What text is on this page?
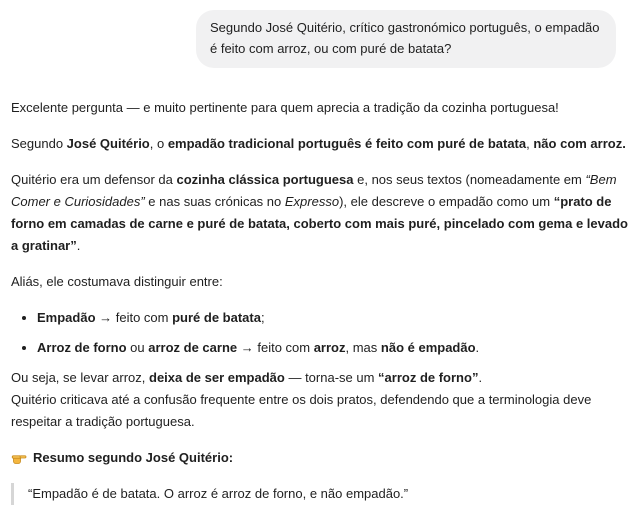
Segundo José Quitério, crítico gastronómico português, o empadão é feito com arroz, ou com puré de batata?

Excelente pergunta — e muito pertinente para quem aprecia a tradição da cozinha portuguesa!

Segundo José Quitério, o empadão tradicional português é feito com puré de batata, não com arroz.

Quitério era um defensor da cozinha clássica portuguesa e, nos seus textos (nomeadamente em “Bem Comer e Curiosidades” e nas suas crónicas no Expresso), ele descreve o empadão como um “prato de forno em camadas de carne e puré de batata, coberto com mais puré, pincelado com gema e levado a gratinar”.

Aliás, ele costumava distinguir entre:

• Empadão → feito com puré de batata;
• Arroz de forno ou arroz de carne → feito com arroz, mas não é empadão.

Ou seja, se levar arroz, deixa de ser empadão — torna-se um “arroz de forno”.

Quitério criticava até a confusão frequente entre os dois pratos, defendendo que a terminologia deve respeitar a tradição portuguesa.

Resumo segundo José Quitério:
“Empadão é de batata. O arroz é arroz de forno, e não empadão.”
